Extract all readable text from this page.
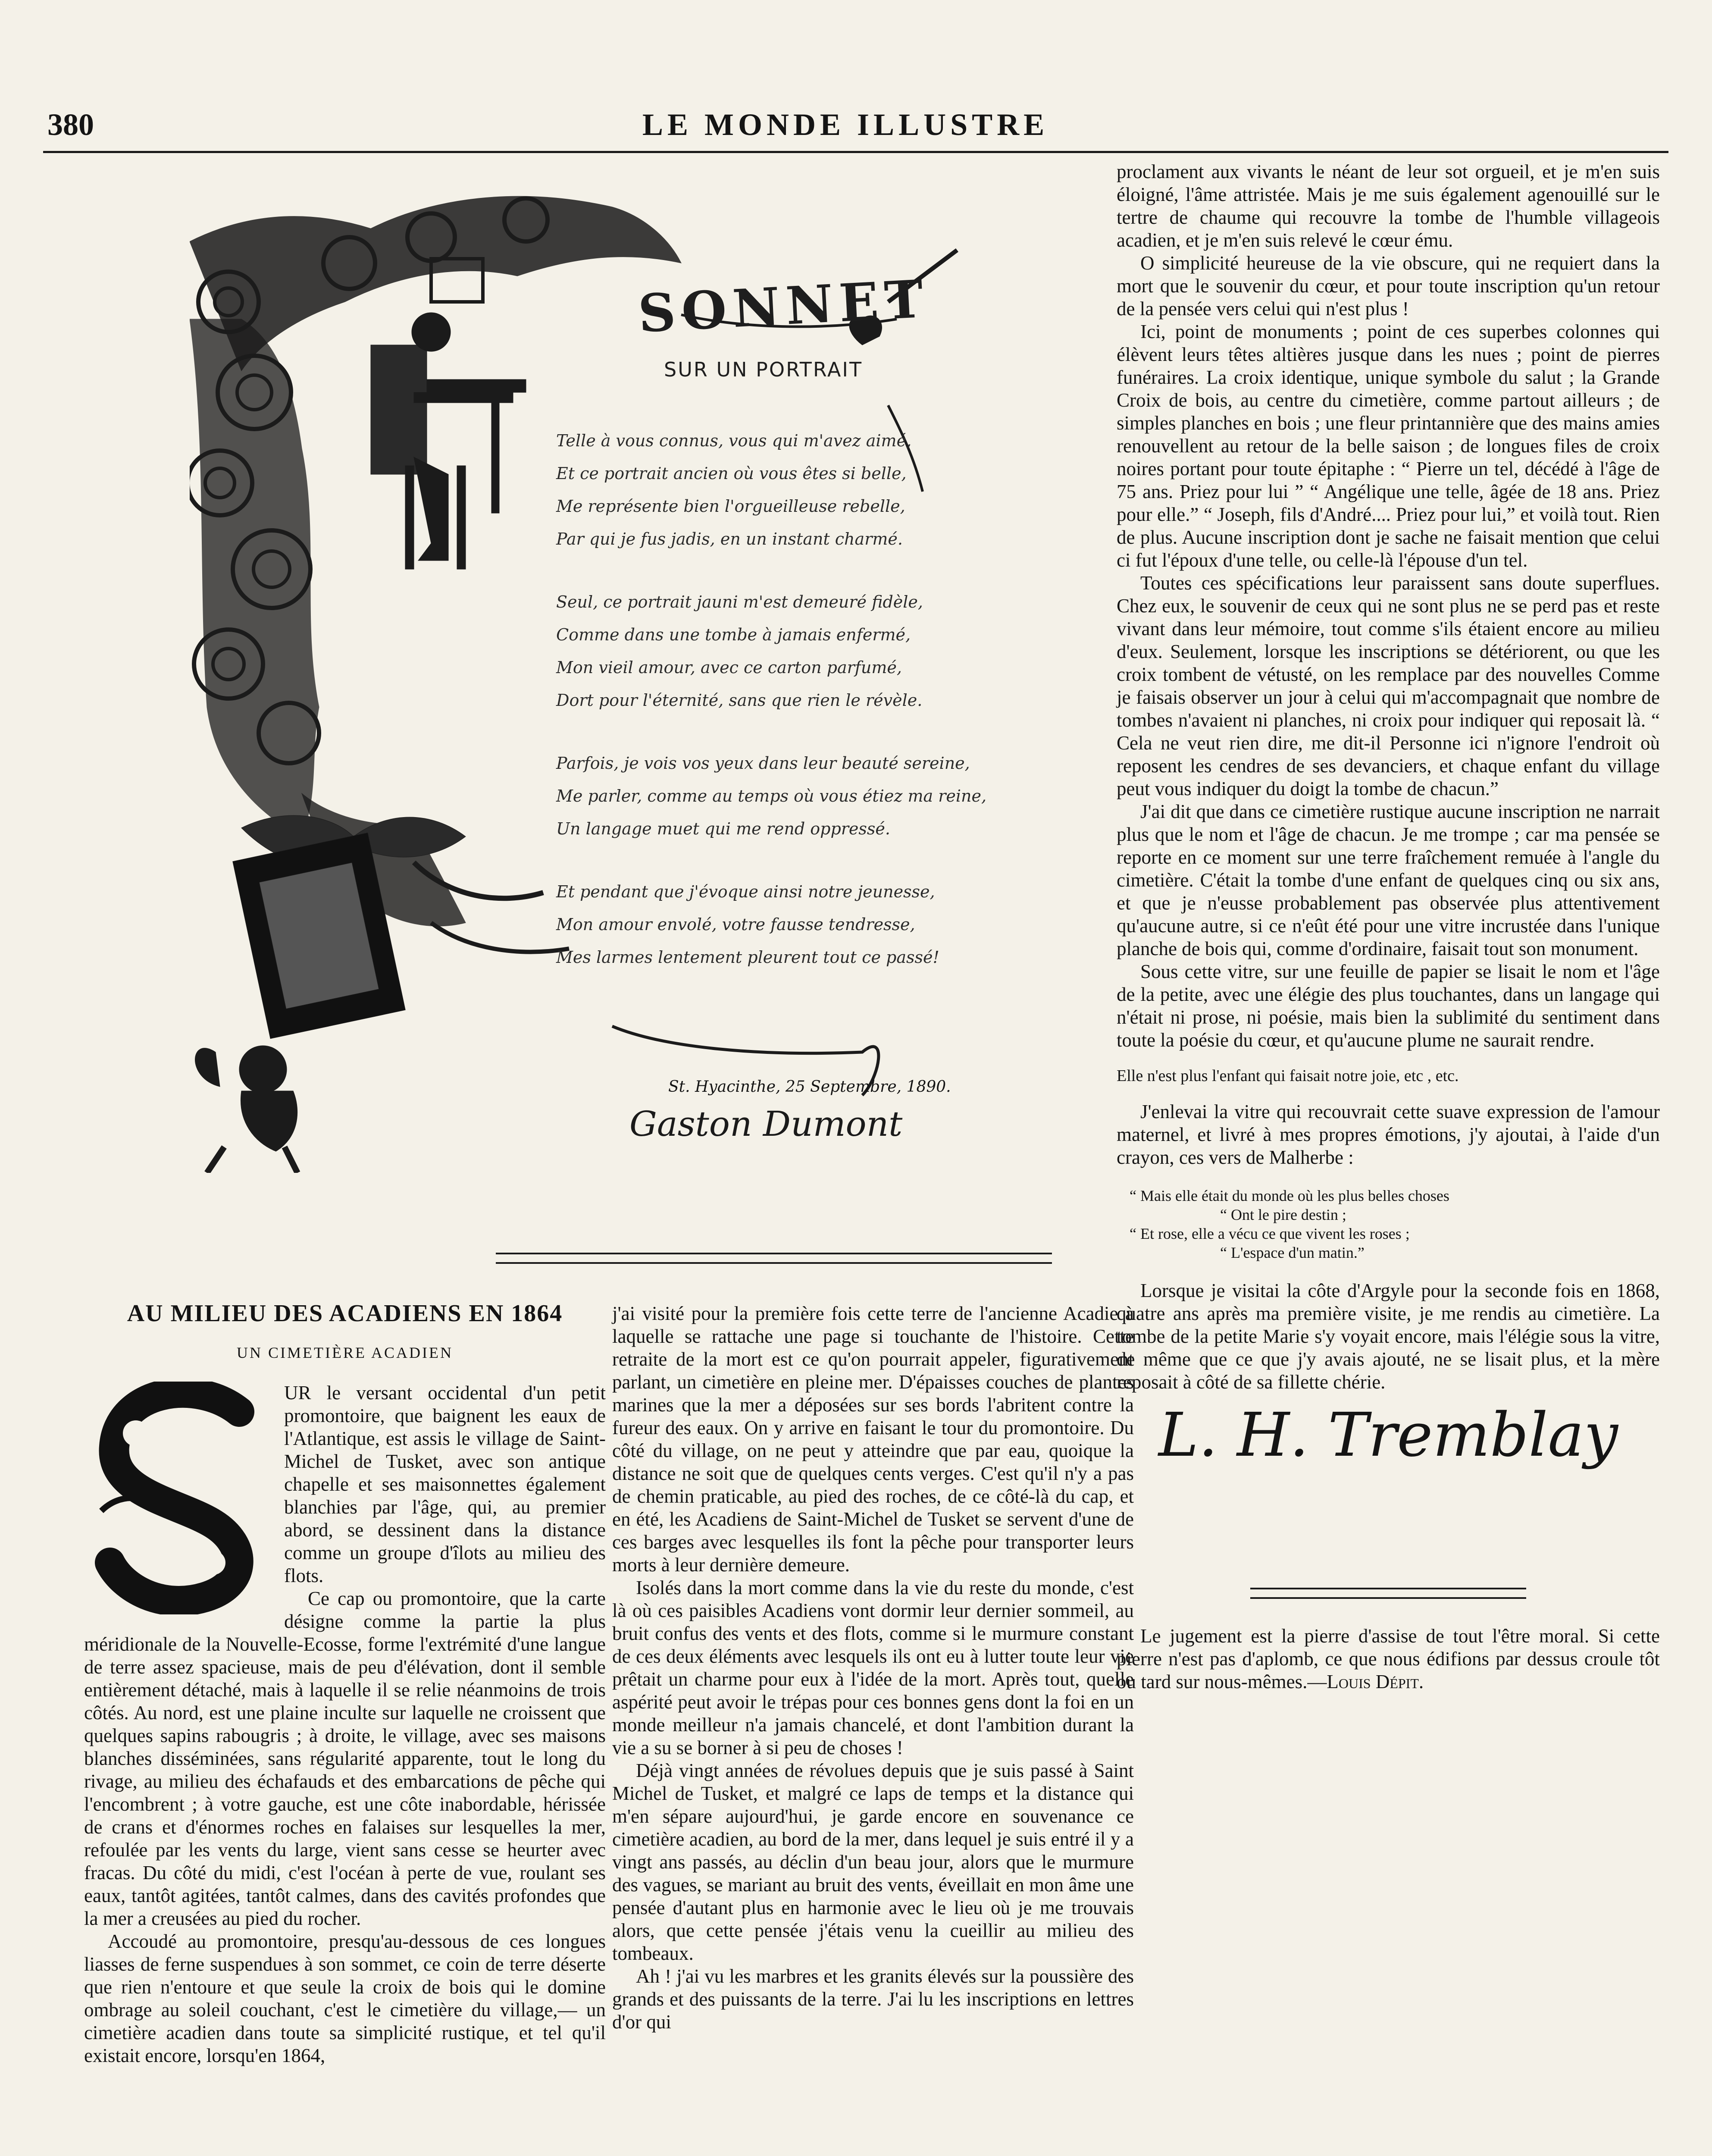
380	LE MONDE ILLUSTRE
SONNET
SUR UN PORTRAIT
Telle à vous connus, vous qui m'avez aimé,
Et ce portrait ancien où vous êtes si belle,
Me représente bien l'orgueilleuse rebelle,
Par qui je fus jadis, en un instant charmé.
Seul, ce portrait jauni m'est demeuré fidèle,
Comme dans une tombe à jamais enfermé,
Mon vieil amour, avec ce carton parfumé,
Dort pour l'éternité, sans que rien le révèle.
Parfois, je vois vos yeux dans leur beauté sereine,
Me parler, comme au temps où vous étiez ma reine,
Un langage muet qui me rend oppressé.
Et pendant que j'évoque ainsi notre jeunesse,
Mon amour envolé, votre fausse tendresse,
Mes larmes lentement pleurent tout ce passé!
St. Hyacinthe, 25 Septembre, 1890.
Gaston Dumont

proclament aux vivants le néant de leur sot orgueil, et je m'en suis éloigné, l'âme attristée. Mais je me suis également agenouillé sur le tertre de chaume qui recouvre la tombe de l'humble villageois acadien, et je m'en suis relevé le cœur ému.

O simplicité heureuse de la vie obscure, qui ne requiert dans la mort que le souvenir du cœur, et pour toute inscription qu'un retour de la pensée vers celui qui n'est plus !

Ici, point de monuments ; point de ces superbes colonnes qui élèvent leurs têtes altières jusque dans les nues ; point de pierres funéraires. La croix identique, unique symbole du salut ; la Grande Croix de bois, au centre du cimetière, comme partout ailleurs ; de simples planches en bois ; une fleur printannière que des mains amies renouvellent au retour de la belle saison ; de longues files de croix noires portant pour toute épitaphe : “ Pierre un tel, décédé à l'âge de 75 ans. Priez pour lui ” “ Angélique une telle, âgée de 18 ans. Priez pour elle.” “ Joseph, fils d'André.... Priez pour lui,” et voilà tout. Rien de plus. Aucune inscription dont je sache ne faisait mention que celui ci fut l'époux d'une telle, ou celle-là l'épouse d'un tel.

Toutes ces spécifications leur paraissent sans doute superflues. Chez eux, le souvenir de ceux qui ne sont plus ne se perd pas et reste vivant dans leur mémoire, tout comme s'ils étaient encore au milieu d'eux. Seulement, lorsque les inscriptions se détériorent, ou que les croix tombent de vétusté, on les remplace par des nouvelles Comme je faisais observer un jour à celui qui m'accompagnait que nombre de tombes n'avaient ni planches, ni croix pour indiquer qui reposait là. “ Cela ne veut rien dire, me dit-il Personne ici n'ignore l'endroit où reposent les cendres de ses devanciers, et chaque enfant du village peut vous indiquer du doigt la tombe de chacun.”

J'ai dit que dans ce cimetière rustique aucune inscription ne narrait plus que le nom et l'âge de chacun. Je me trompe ; car ma pensée se reporte en ce moment sur une terre fraîchement remuée à l'angle du cimetière. C'était la tombe d'une enfant de quelques cinq ou six ans, et que je n'eusse probablement pas observée plus attentivement qu'aucune autre, si ce n'eût été pour une vitre incrustée dans l'unique planche de bois qui, comme d'ordinaire, faisait tout son monument.

Sous cette vitre, sur une feuille de papier se lisait le nom et l'âge de la petite, avec une élégie des plus touchantes, dans un langage qui n'était ni prose, ni poésie, mais bien la sublimité du sentiment dans toute la poésie du cœur, et qu'aucune plume ne saurait rendre.

Elle n'est plus l'enfant qui faisait notre joie, etc , etc.

J'enlevai la vitre qui recouvrait cette suave expression de l'amour maternel, et livré à mes propres émotions, j'y ajoutai, à l'aide d'un crayon, ces vers de Malherbe :

“ Mais elle était du monde où les plus belles choses
“ Ont le pire destin ;
“ Et rose, elle a vécu ce que vivent les roses ;
“ L'espace d'un matin.”

Lorsque je visitai la côte d'Argyle pour la seconde fois en 1868, quatre ans après ma première visite, je me rendis au cimetière. La tombe de la petite Marie s'y voyait encore, mais l'élégie sous la vitre, de même que ce que j'y avais ajouté, ne se lisait plus, et la mère reposait à côté de sa fillette chérie.

L. H. Tremblay

Le jugement est la pierre d'assise de tout l'être moral. Si cette pierre n'est pas d'aplomb, ce que nous édifions par dessus croule tôt ou tard sur nous-mêmes.—Louis Dépit.

AU MILIEU DES ACADIENS EN 1864
UN CIMETIÈRE ACADIEN

UR le versant occidental d'un petit promontoire, que baignent les eaux de l'Atlantique, est assis le village de Saint-Michel de Tusket, avec son antique chapelle et ses maisonnettes également blanchies par l'âge, qui, au premier abord, se dessinent dans la distance comme un groupe d'îlots au milieu des flots.

Ce cap ou promontoire, que la carte désigne comme la partie la plus méridionale de la Nouvelle-Ecosse, forme l'extrémité d'une langue de terre assez spacieuse, mais de peu d'élévation, dont il semble entièrement détaché, mais à laquelle il se relie néanmoins de trois côtés. Au nord, est une plaine inculte sur laquelle ne croissent que quelques sapins rabougris ; à droite, le village, avec ses maisons blanches disséminées, sans régularité apparente, tout le long du rivage, au milieu des échafauds et des embarcations de pêche qui l'encombrent ; à votre gauche, est une côte inabordable, hérissée de crans et d'énormes roches en falaises sur lesquelles la mer, refoulée par les vents du large, vient sans cesse se heurter avec fracas. Du côté du midi, c'est l'océan à perte de vue, roulant ses eaux, tantôt agitées, tantôt calmes, dans des cavités profondes que la mer a creusées au pied du rocher.

Accoudé au promontoire, presqu'au-dessous de ces longues liasses de ferne suspendues à son sommet, ce coin de terre déserte que rien n'entoure et que seule la croix de bois qui le domine ombrage au soleil couchant, c'est le cimetière du village,— un cimetière acadien dans toute sa simplicité rustique, et tel qu'il existait encore, lorsqu'en 1864,

j'ai visité pour la première fois cette terre de l'ancienne Acadie à laquelle se rattache une page si touchante de l'histoire. Cette retraite de la mort est ce qu'on pourrait appeler, figurativement parlant, un cimetière en pleine mer. D'épaisses couches de plantes marines que la mer a déposées sur ses bords l'abritent contre la fureur des eaux. On y arrive en faisant le tour du promontoire. Du côté du village, on ne peut y atteindre que par eau, quoique la distance ne soit que de quelques cents verges. C'est qu'il n'y a pas de chemin praticable, au pied des roches, de ce côté-là du cap, et en été, les Acadiens de Saint-Michel de Tusket se servent d'une de ces barges avec lesquelles ils font la pêche pour transporter leurs morts à leur dernière demeure.

Isolés dans la mort comme dans la vie du reste du monde, c'est là où ces paisibles Acadiens vont dormir leur dernier sommeil, au bruit confus des vents et des flots, comme si le murmure constant de ces deux éléments avec lesquels ils ont eu à lutter toute leur vie prêtait un charme pour eux à l'idée de la mort. Après tout, quelle aspérité peut avoir le trépas pour ces bonnes gens dont la foi en un monde meilleur n'a jamais chancelé, et dont l'ambition durant la vie a su se borner à si peu de choses !

Déjà vingt années de révolues depuis que je suis passé à Saint Michel de Tusket, et malgré ce laps de temps et la distance qui m'en sépare aujourd'hui, je garde encore en souvenance ce cimetière acadien, au bord de la mer, dans lequel je suis entré il y a vingt ans passés, au déclin d'un beau jour, alors que le murmure des vagues, se mariant au bruit des vents, éveillait en mon âme une pensée d'autant plus en harmonie avec le lieu où je me trouvais alors, que cette pensée j'étais venu la cueillir au milieu des tombeaux.

Ah ! j'ai vu les marbres et les granits élevés sur la poussière des grands et des puissants de la terre. J'ai lu les inscriptions en lettres d'or qui
